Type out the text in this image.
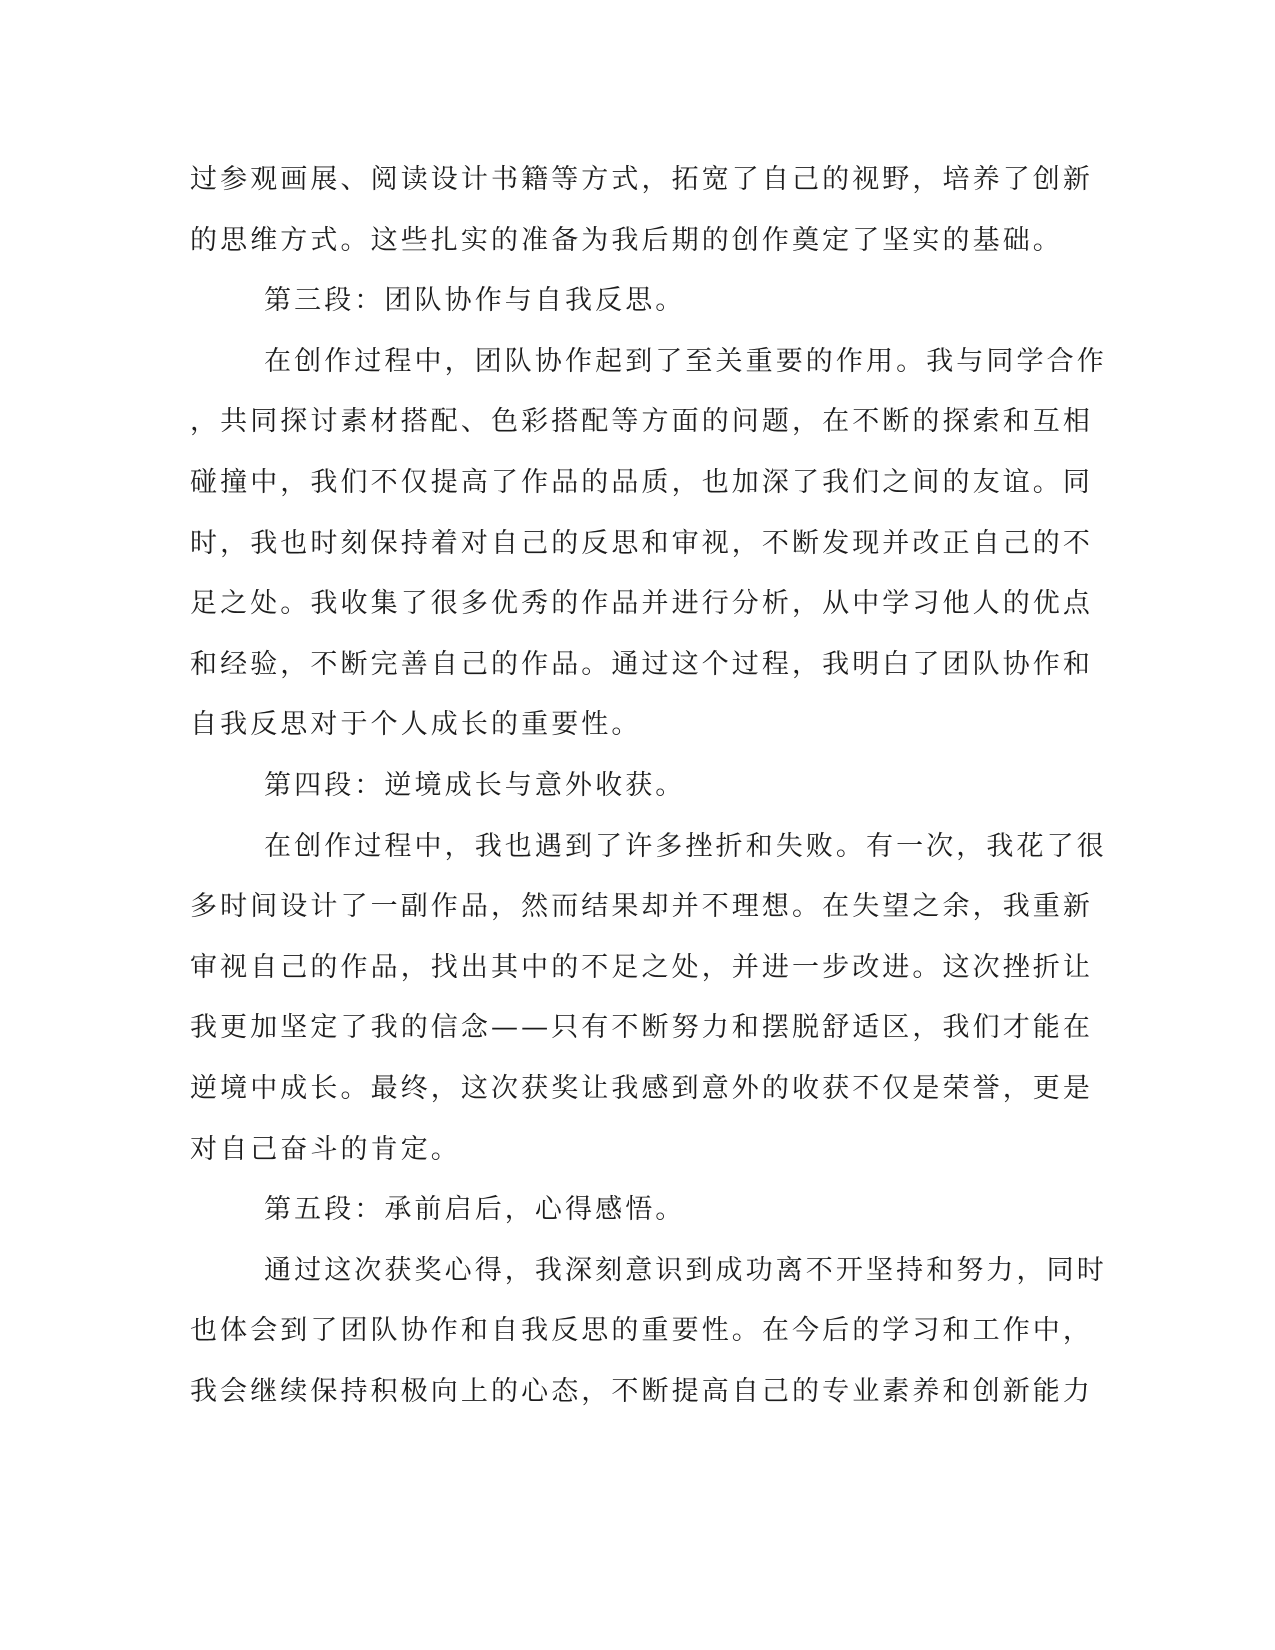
过参观画展、阅读设计书籍等方式，拓宽了自己的视野，培养了创新
的思维方式。这些扎实的准备为我后期的创作奠定了坚实的基础。
第三段：团队协作与自我反思。
在创作过程中，团队协作起到了至关重要的作用。我与同学合作
，共同探讨素材搭配、色彩搭配等方面的问题，在不断的探索和互相
碰撞中，我们不仅提高了作品的品质，也加深了我们之间的友谊。同
时，我也时刻保持着对自己的反思和审视，不断发现并改正自己的不
足之处。我收集了很多优秀的作品并进行分析，从中学习他人的优点
和经验，不断完善自己的作品。通过这个过程，我明白了团队协作和
自我反思对于个人成长的重要性。
第四段：逆境成长与意外收获。
在创作过程中，我也遇到了许多挫折和失败。有一次，我花了很
多时间设计了一副作品，然而结果却并不理想。在失望之余，我重新
审视自己的作品，找出其中的不足之处，并进一步改进。这次挫折让
我更加坚定了我的信念——只有不断努力和摆脱舒适区，我们才能在
逆境中成长。最终，这次获奖让我感到意外的收获不仅是荣誉，更是
对自己奋斗的肯定。
第五段：承前启后，心得感悟。
通过这次获奖心得，我深刻意识到成功离不开坚持和努力，同时
也体会到了团队协作和自我反思的重要性。在今后的学习和工作中，
我会继续保持积极向上的心态，不断提高自己的专业素养和创新能力
